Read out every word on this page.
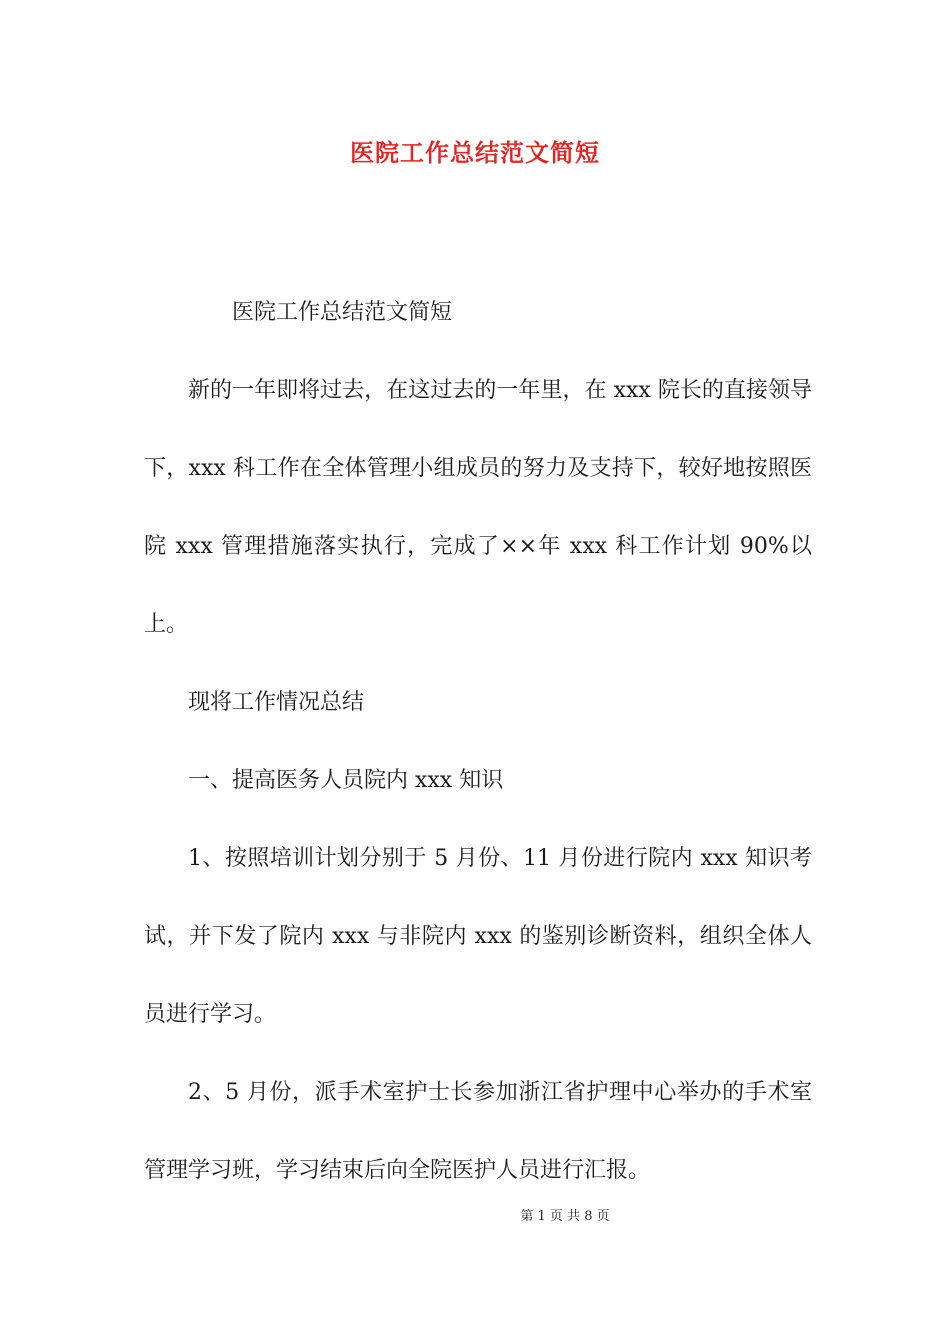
医院工作总结范文简短

医院工作总结范文简短

新的一年即将过去，在这过去的一年里，在 xxx 院长的直接领导下，xxx 科工作在全体管理小组成员的努力及支持下，较好地按照医院 xxx 管理措施落实执行，完成了××年 xxx 科工作计划 90%以上。

现将工作情况总结

一、提高医务人员院内 xxx 知识

1、按照培训计划分别于 5 月份、11 月份进行院内 xxx 知识考试，并下发了院内 xxx 与非院内 xxx 的鉴别诊断资料，组织全体人员进行学习。

2、5 月份，派手术室护士长参加浙江省护理中心举办的手术室管理学习班，学习结束后向全院医护人员进行汇报。

第 1 页 共 8 页
